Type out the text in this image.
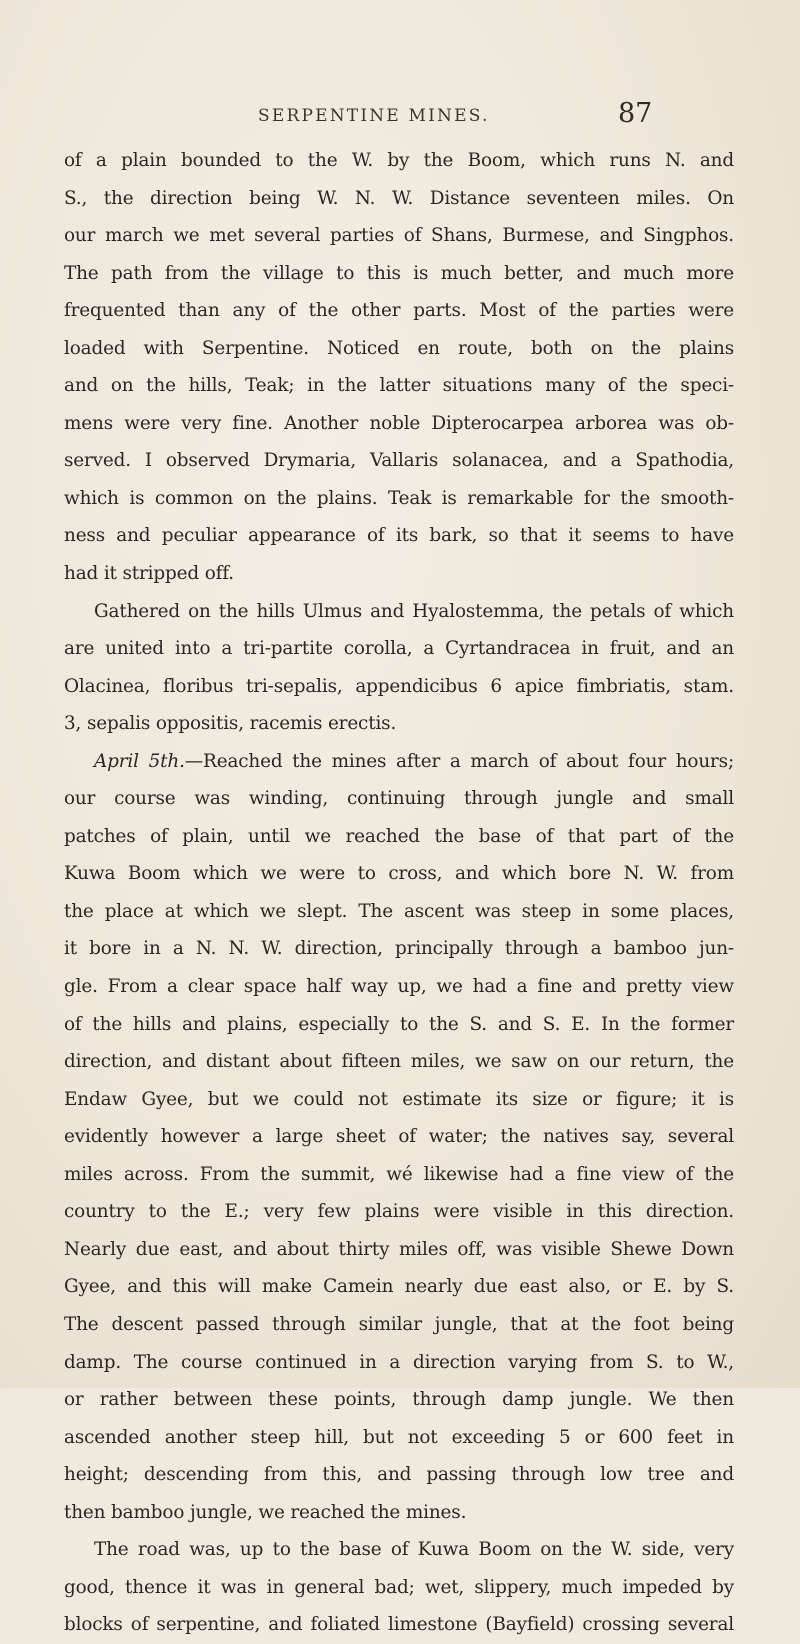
SERPENTINE MINES.	87
of a plain bounded to the W. by the Boom, which runs N. and
S., the direction being W. N. W. Distance seventeen miles. On
our march we met several parties of Shans, Burmese, and Singphos.
The path from the village to this is much better, and much more
frequented than any of the other parts. Most of the parties were
loaded with Serpentine. Noticed en route, both on the plains
and on the hills, Teak; in the latter situations many of the speci-
mens were very fine. Another noble Dipterocarpea arborea was ob-
served. I observed Drymaria, Vallaris solanacea, and a Spathodia,
which is common on the plains. Teak is remarkable for the smooth-
ness and peculiar appearance of its bark, so that it seems to have
had it stripped off.
Gathered on the hills Ulmus and Hyalostemma, the petals of which
are united into a tri-partite corolla, a Cyrtandracea in fruit, and an
Olacinea, floribus tri-sepalis, appendicibus 6 apice fimbriatis, stam.
3, sepalis oppositis, racemis erectis.
April 5th.—Reached the mines after a march of about four hours;
our course was winding, continuing through jungle and small
patches of plain, until we reached the base of that part of the
Kuwa Boom which we were to cross, and which bore N. W. from
the place at which we slept. The ascent was steep in some places,
it bore in a N. N. W. direction, principally through a bamboo jun-
gle. From a clear space half way up, we had a fine and pretty view
of the hills and plains, especially to the S. and S. E. In the former
direction, and distant about fifteen miles, we saw on our return, the
Endaw Gyee, but we could not estimate its size or figure; it is
evidently however a large sheet of water; the natives say, several
miles across. From the summit, wé likewise had a fine view of the
country to the E.; very few plains were visible in this direction.
Nearly due east, and about thirty miles off, was visible Shewe Down
Gyee, and this will make Camein nearly due east also, or E. by S.
The descent passed through similar jungle, that at the foot being
damp. The course continued in a direction varying from S. to W.,
or rather between these points, through damp jungle. We then
ascended another steep hill, but not exceeding 5 or 600 feet in
height; descending from this, and passing through low tree and
then bamboo jungle, we reached the mines.
The road was, up to the base of Kuwa Boom on the W. side, very
good, thence it was in general bad; wet, slippery, much impeded by
blocks of serpentine, and foliated limestone (Bayfield) crossing several
